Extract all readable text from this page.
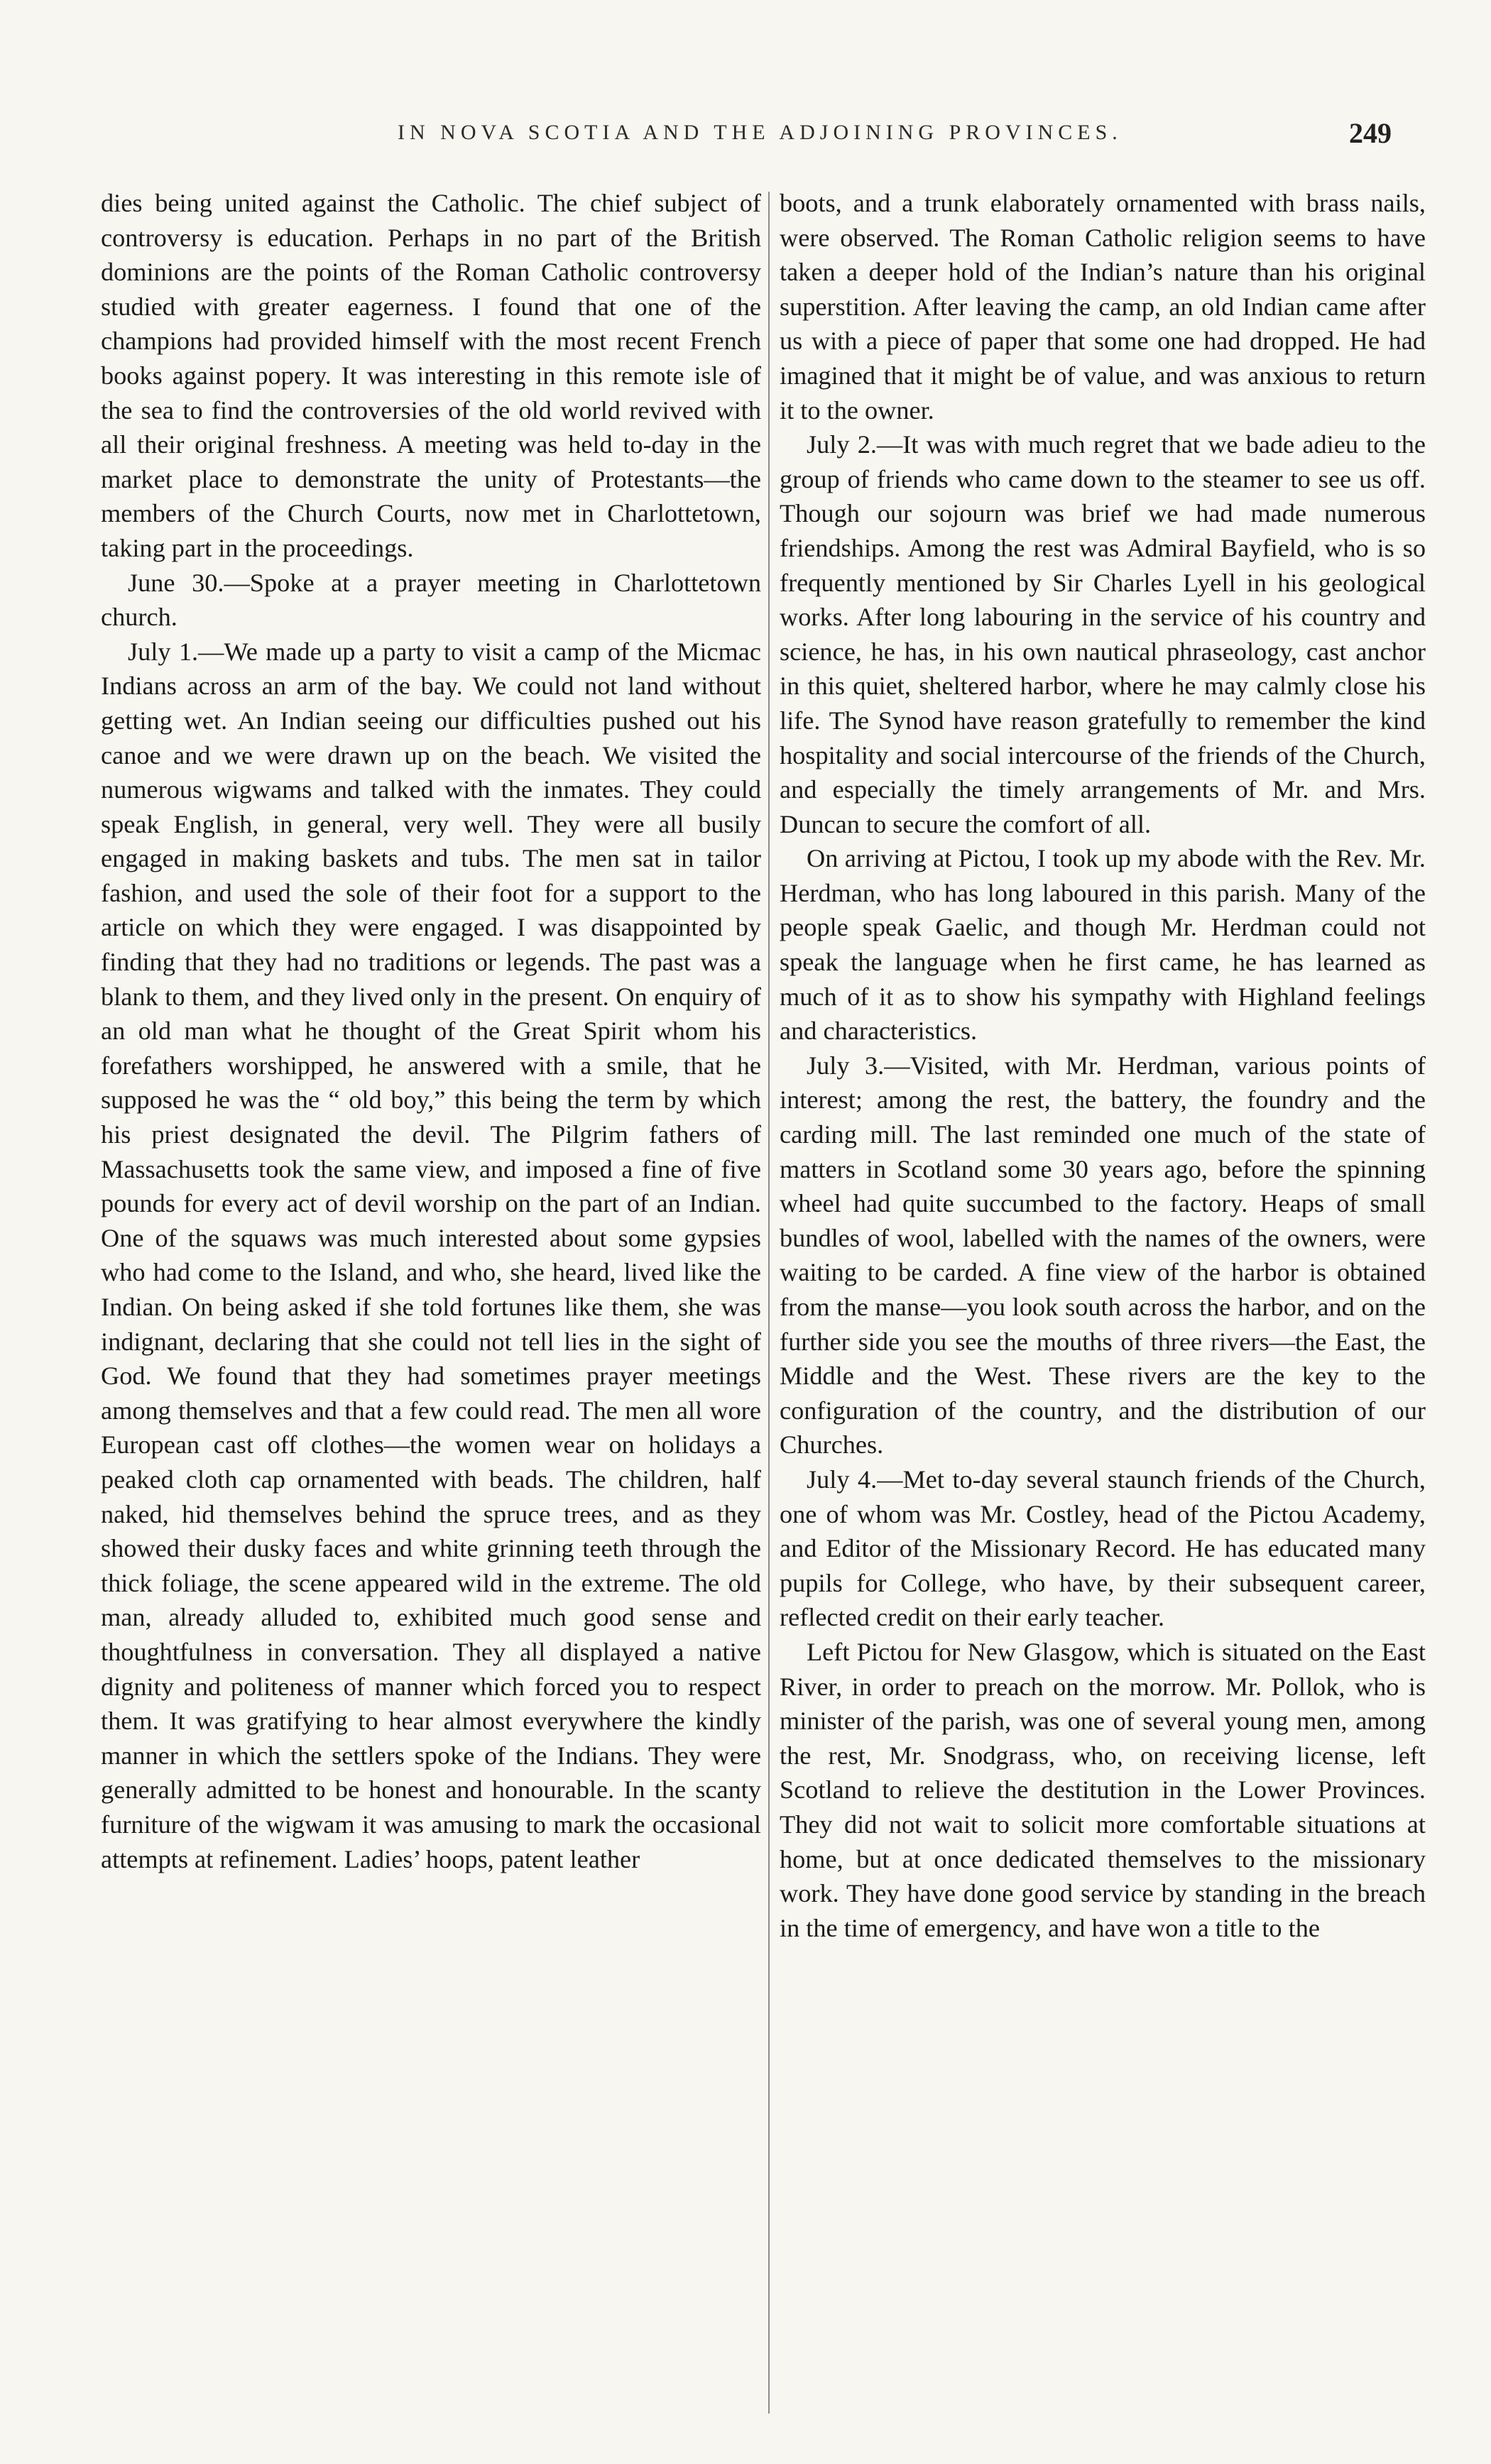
IN NOVA SCOTIA AND THE ADJOINING PROVINCES.	249

dies being united against the Catholic. The chief subject of controversy is education. Perhaps in no part of the British dominions are the points of the Roman Catholic controversy studied with greater eagerness. I found that one of the champions had provided himself with the most recent French books against popery. It was interesting in this remote isle of the sea to find the controversies of the old world revived with all their original freshness. A meeting was held to-day in the market place to demonstrate the unity of Protestants—the members of the Church Courts, now met in Charlottetown, taking part in the proceedings.

June 30.—Spoke at a prayer meeting in Charlottetown church.

July 1.—We made up a party to visit a camp of the Micmac Indians across an arm of the bay. We could not land without getting wet. An Indian seeing our difficulties pushed out his canoe and we were drawn up on the beach. We visited the numerous wigwams and talked with the inmates. They could speak English, in general, very well. They were all busily engaged in making baskets and tubs. The men sat in tailor fashion, and used the sole of their foot for a support to the article on which they were engaged. I was disappointed by finding that they had no traditions or legends. The past was a blank to them, and they lived only in the present. On enquiry of an old man what he thought of the Great Spirit whom his forefathers worshipped, he answered with a smile, that he supposed he was the “ old boy,” this being the term by which his priest designated the devil. The Pilgrim fathers of Massachusetts took the same view, and imposed a fine of five pounds for every act of devil worship on the part of an Indian. One of the squaws was much interested about some gypsies who had come to the Island, and who, she heard, lived like the Indian. On being asked if she told fortunes like them, she was indignant, declaring that she could not tell lies in the sight of God. We found that they had sometimes prayer meetings among themselves and that a few could read. The men all wore European cast off clothes—the women wear on holidays a peaked cloth cap ornamented with beads. The children, half naked, hid themselves behind the spruce trees, and as they showed their dusky faces and white grinning teeth through the thick foliage, the scene appeared wild in the extreme. The old man, already alluded to, exhibited much good sense and thoughtfulness in conversation. They all displayed a native dignity and politeness of manner which forced you to respect them. It was gratifying to hear almost everywhere the kindly manner in which the settlers spoke of the Indians. They were generally admitted to be honest and honourable. In the scanty furniture of the wigwam it was amusing to mark the occasional attempts at refinement. Ladies’ hoops, patent leather

boots, and a trunk elaborately ornamented with brass nails, were observed. The Roman Catholic religion seems to have taken a deeper hold of the Indian’s nature than his original superstition. After leaving the camp, an old Indian came after us with a piece of paper that some one had dropped. He had imagined that it might be of value, and was anxious to return it to the owner.

July 2.—It was with much regret that we bade adieu to the group of friends who came down to the steamer to see us off. Though our sojourn was brief we had made numerous friendships. Among the rest was Admiral Bayfield, who is so frequently mentioned by Sir Charles Lyell in his geological works. After long labouring in the service of his country and science, he has, in his own nautical phraseology, cast anchor in this quiet, sheltered harbor, where he may calmly close his life. The Synod have reason gratefully to remember the kind hospitality and social intercourse of the friends of the Church, and especially the timely arrangements of Mr. and Mrs. Duncan to secure the comfort of all.

On arriving at Pictou, I took up my abode with the Rev. Mr. Herdman, who has long laboured in this parish. Many of the people speak Gaelic, and though Mr. Herdman could not speak the language when he first came, he has learned as much of it as to show his sympathy with Highland feelings and characteristics.

July 3.—Visited, with Mr. Herdman, various points of interest; among the rest, the battery, the foundry and the carding mill. The last reminded one much of the state of matters in Scotland some 30 years ago, before the spinning wheel had quite succumbed to the factory. Heaps of small bundles of wool, labelled with the names of the owners, were waiting to be carded. A fine view of the harbor is obtained from the manse—you look south across the harbor, and on the further side you see the mouths of three rivers—the East, the Middle and the West. These rivers are the key to the configuration of the country, and the distribution of our Churches.

July 4.—Met to-day several staunch friends of the Church, one of whom was Mr. Costley, head of the Pictou Academy, and Editor of the Missionary Record. He has educated many pupils for College, who have, by their subsequent career, reflected credit on their early teacher.

Left Pictou for New Glasgow, which is situated on the East River, in order to preach on the morrow. Mr. Pollok, who is minister of the parish, was one of several young men, among the rest, Mr. Snodgrass, who, on receiving license, left Scotland to relieve the destitution in the Lower Provinces. They did not wait to solicit more comfortable situations at home, but at once dedicated themselves to the missionary work. They have done good service by standing in the breach in the time of emergency, and have won a title to the
